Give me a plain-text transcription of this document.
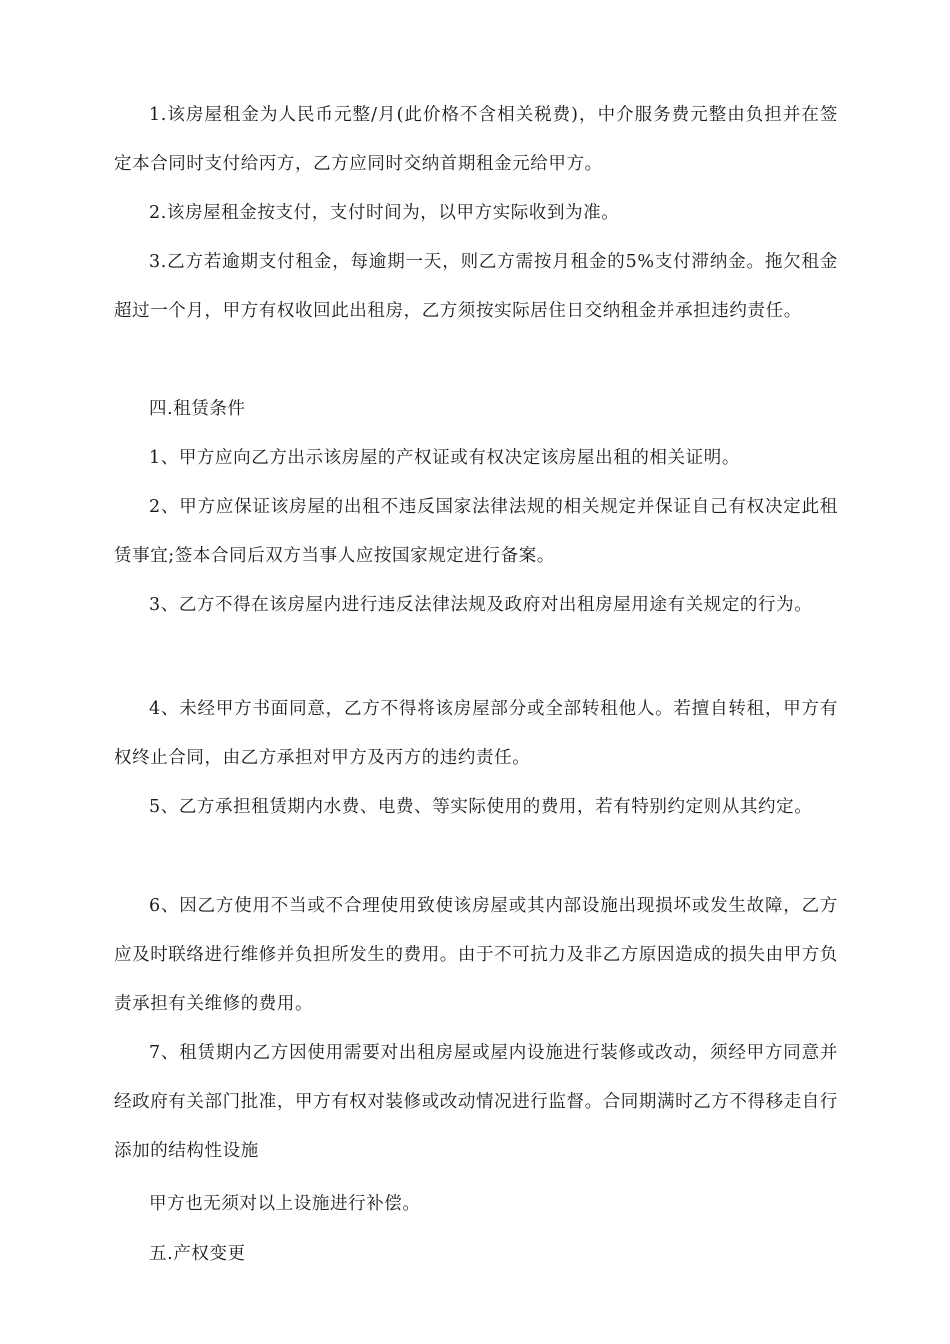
1.该房屋租金为人民币元整/月(此价格不含相关税费)，中介服务费元整由负担并在签定本合同时支付给丙方，乙方应同时交纳首期租金元给甲方。

2.该房屋租金按支付，支付时间为，以甲方实际收到为准。

3.乙方若逾期支付租金，每逾期一天，则乙方需按月租金的5%支付滞纳金。拖欠租金超过一个月，甲方有权收回此出租房，乙方须按实际居住日交纳租金并承担违约责任。

四.租赁条件

1、甲方应向乙方出示该房屋的产权证或有权决定该房屋出租的相关证明。

2、甲方应保证该房屋的出租不违反国家法律法规的相关规定并保证自己有权决定此租赁事宜;签本合同后双方当事人应按国家规定进行备案。

3、乙方不得在该房屋内进行违反法律法规及政府对出租房屋用途有关规定的行为。

4、未经甲方书面同意，乙方不得将该房屋部分或全部转租他人。若擅自转租，甲方有权终止合同，由乙方承担对甲方及丙方的违约责任。

5、乙方承担租赁期内水费、电费、等实际使用的费用，若有特别约定则从其约定。

6、因乙方使用不当或不合理使用致使该房屋或其内部设施出现损坏或发生故障，乙方应及时联络进行维修并负担所发生的费用。由于不可抗力及非乙方原因造成的损失由甲方负责承担有关维修的费用。

7、租赁期内乙方因使用需要对出租房屋或屋内设施进行装修或改动，须经甲方同意并经政府有关部门批准，甲方有权对装修或改动情况进行监督。合同期满时乙方不得移走自行添加的结构性设施

甲方也无须对以上设施进行补偿。

五.产权变更
